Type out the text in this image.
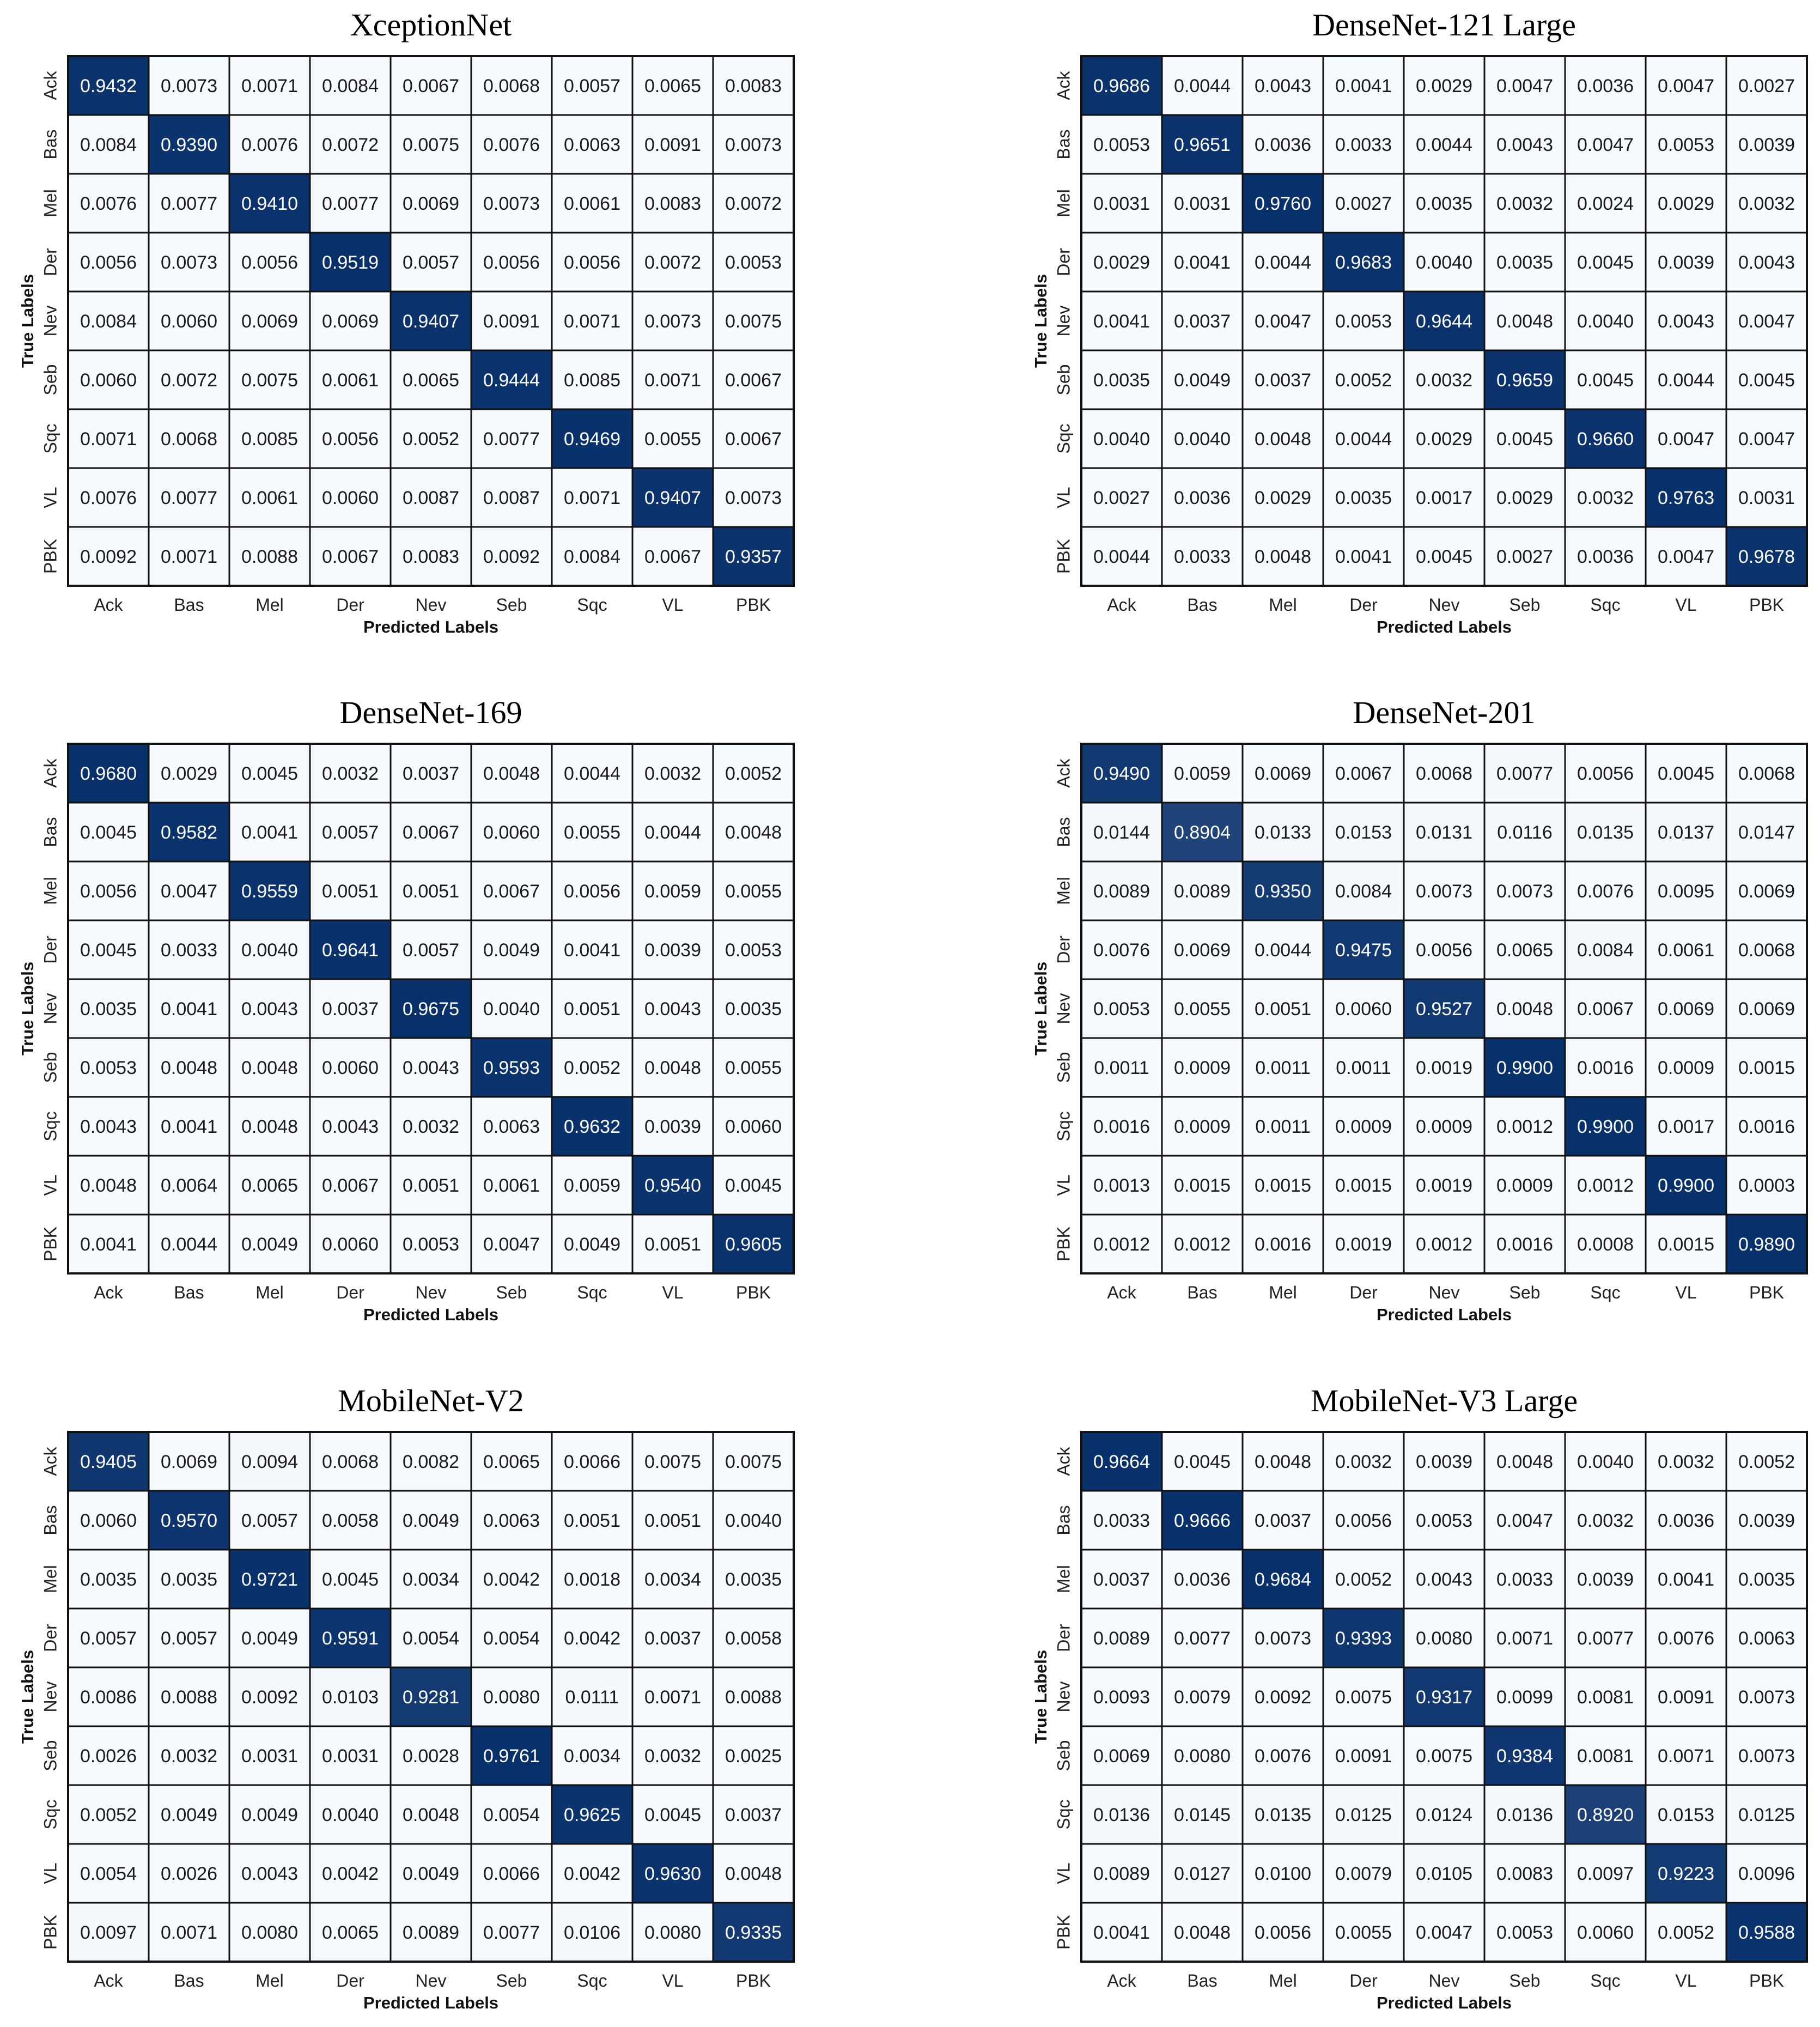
XceptionNet
0.9432 0.0073 0.0071 0.0084 0.0067 0.0068 0.0057 0.0065 0.0083
0.0084 0.9390 0.0076 0.0072 0.0075 0.0076 0.0063 0.0091 0.0073
0.0076 0.0077 0.9410 0.0077 0.0069 0.0073 0.0061 0.0083 0.0072
0.0056 0.0073 0.0056 0.9519 0.0057 0.0056 0.0056 0.0072 0.0053
0.0084 0.0060 0.0069 0.0069 0.9407 0.0091 0.0071 0.0073 0.0075
0.0060 0.0072 0.0075 0.0061 0.0065 0.9444 0.0085 0.0071 0.0067
0.0071 0.0068 0.0085 0.0056 0.0052 0.0077 0.9469 0.0055 0.0067
0.0076 0.0077 0.0061 0.0060 0.0087 0.0087 0.0071 0.9407 0.0073
0.0092 0.0071 0.0088 0.0067 0.0083 0.0092 0.0084 0.0067 0.9357
Ack	Bas	Mel	Der	Nev	Seb	Sqc	VL	PBK
Ack
Bas
Mel
Der
Nev
Seb
Sqc
VL
PBK
Predicted Labels
True Labels
DenseNet-121 Large
0.9686 0.0044 0.0043 0.0041 0.0029 0.0047 0.0036 0.0047 0.0027
0.0053 0.9651 0.0036 0.0033 0.0044 0.0043 0.0047 0.0053 0.0039
0.0031 0.0031 0.9760 0.0027 0.0035 0.0032 0.0024 0.0029 0.0032
0.0029 0.0041 0.0044 0.9683 0.0040 0.0035 0.0045 0.0039 0.0043
0.0041 0.0037 0.0047 0.0053 0.9644 0.0048 0.0040 0.0043 0.0047
0.0035 0.0049 0.0037 0.0052 0.0032 0.9659 0.0045 0.0044 0.0045
0.0040 0.0040 0.0048 0.0044 0.0029 0.0045 0.9660 0.0047 0.0047
0.0027 0.0036 0.0029 0.0035 0.0017 0.0029 0.0032 0.9763 0.0031
0.0044 0.0033 0.0048 0.0041 0.0045 0.0027 0.0036 0.0047 0.9678
Ack	Bas	Mel	Der	Nev	Seb	Sqc	VL	PBK
Ack
Bas
Mel
Der
Nev
Seb
Sqc
VL
PBK
Predicted Labels
True Labels
DenseNet-169
0.9680 0.0029 0.0045 0.0032 0.0037 0.0048 0.0044 0.0032 0.0052
0.0045 0.9582 0.0041 0.0057 0.0067 0.0060 0.0055 0.0044 0.0048
0.0056 0.0047 0.9559 0.0051 0.0051 0.0067 0.0056 0.0059 0.0055
0.0045 0.0033 0.0040 0.9641 0.0057 0.0049 0.0041 0.0039 0.0053
0.0035 0.0041 0.0043 0.0037 0.9675 0.0040 0.0051 0.0043 0.0035
0.0053 0.0048 0.0048 0.0060 0.0043 0.9593 0.0052 0.0048 0.0055
0.0043 0.0041 0.0048 0.0043 0.0032 0.0063 0.9632 0.0039 0.0060
0.0048 0.0064 0.0065 0.0067 0.0051 0.0061 0.0059 0.9540 0.0045
0.0041 0.0044 0.0049 0.0060 0.0053 0.0047 0.0049 0.0051 0.9605
Ack	Bas	Mel	Der	Nev	Seb	Sqc	VL	PBK
Ack
Bas
Mel
Der
Nev
Seb
Sqc
VL
PBK
Predicted Labels
True Labels
DenseNet-201
0.9490 0.0059 0.0069 0.0067 0.0068 0.0077 0.0056 0.0045 0.0068
0.0144 0.8904 0.0133 0.0153 0.0131 0.0116 0.0135 0.0137 0.0147
0.0089 0.0089 0.9350 0.0084 0.0073 0.0073 0.0076 0.0095 0.0069
0.0076 0.0069 0.0044 0.9475 0.0056 0.0065 0.0084 0.0061 0.0068
0.0053 0.0055 0.0051 0.0060 0.9527 0.0048 0.0067 0.0069 0.0069
0.0011 0.0009 0.0011 0.0011 0.0019 0.9900 0.0016 0.0009 0.0015
0.0016 0.0009 0.0011 0.0009 0.0009 0.0012 0.9900 0.0017 0.0016
0.0013 0.0015 0.0015 0.0015 0.0019 0.0009 0.0012 0.9900 0.0003
0.0012 0.0012 0.0016 0.0019 0.0012 0.0016 0.0008 0.0015 0.9890
Ack	Bas	Mel	Der	Nev	Seb	Sqc	VL	PBK
Ack
Bas
Mel
Der
Nev
Seb
Sqc
VL
PBK
Predicted Labels
True Labels
MobileNet-V2
0.9405 0.0069 0.0094 0.0068 0.0082 0.0065 0.0066 0.0075 0.0075
0.0060 0.9570 0.0057 0.0058 0.0049 0.0063 0.0051 0.0051 0.0040
0.0035 0.0035 0.9721 0.0045 0.0034 0.0042 0.0018 0.0034 0.0035
0.0057 0.0057 0.0049 0.9591 0.0054 0.0054 0.0042 0.0037 0.0058
0.0086 0.0088 0.0092 0.0103 0.9281 0.0080 0.0111 0.0071 0.0088
0.0026 0.0032 0.0031 0.0031 0.0028 0.9761 0.0034 0.0032 0.0025
0.0052 0.0049 0.0049 0.0040 0.0048 0.0054 0.9625 0.0045 0.0037
0.0054 0.0026 0.0043 0.0042 0.0049 0.0066 0.0042 0.9630 0.0048
0.0097 0.0071 0.0080 0.0065 0.0089 0.0077 0.0106 0.0080 0.9335
Ack	Bas	Mel	Der	Nev	Seb	Sqc	VL	PBK
Ack
Bas
Mel
Der
Nev
Seb
Sqc
VL
PBK
Predicted Labels
True Labels
MobileNet-V3 Large
0.9664 0.0045 0.0048 0.0032 0.0039 0.0048 0.0040 0.0032 0.0052
0.0033 0.9666 0.0037 0.0056 0.0053 0.0047 0.0032 0.0036 0.0039
0.0037 0.0036 0.9684 0.0052 0.0043 0.0033 0.0039 0.0041 0.0035
0.0089 0.0077 0.0073 0.9393 0.0080 0.0071 0.0077 0.0076 0.0063
0.0093 0.0079 0.0092 0.0075 0.9317 0.0099 0.0081 0.0091 0.0073
0.0069 0.0080 0.0076 0.0091 0.0075 0.9384 0.0081 0.0071 0.0073
0.0136 0.0145 0.0135 0.0125 0.0124 0.0136 0.8920 0.0153 0.0125
0.0089 0.0127 0.0100 0.0079 0.0105 0.0083 0.0097 0.9223 0.0096
0.0041 0.0048 0.0056 0.0055 0.0047 0.0053 0.0060 0.0052 0.9588
Ack	Bas	Mel	Der	Nev	Seb	Sqc	VL	PBK
Ack
Bas
Mel
Der
Nev
Seb
Sqc
VL
PBK
Predicted Labels
True Labels
